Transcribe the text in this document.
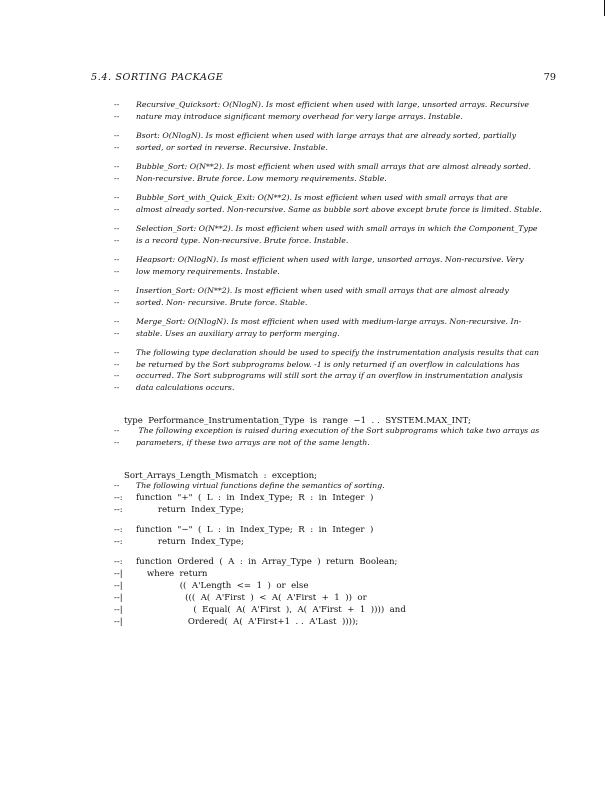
5.4. SORTING PACKAGE	79
-- Recursive_Quicksort: O(NlogN). Is most efficient when used with large, unsorted arrays. Recursive
-- nature may introduce significant memory overhead for very large arrays. Instable.
-- Bsort: O(NlogN). Is most efficient when used with large arrays that are already sorted, partially
-- sorted, or sorted in reverse. Recursive. Instable.
-- Bubble_Sort: O(N**2). Is most efficient when used with small arrays that are almost already sorted.
-- Non-recursive. Brute force. Low memory requirements. Stable.
-- Bubble_Sort_with_Quick_Exit: O(N**2). Is most efficient when used with small arrays that are
-- almost already sorted. Non-recursive. Same as bubble sort above except brute force is limited. Stable.
-- Selection_Sort: O(N**2). Is most efficient when used with small arrays in which the Component_Type
-- is a record type. Non-recursive. Brute force. Instable.
-- Heapsort: O(NlogN). Is most efficient when used with large, unsorted arrays. Non-recursive. Very
-- low memory requirements. Instable.
-- Insertion_Sort: O(N**2). Is most efficient when used with small arrays that are almost already
-- sorted. Non- recursive. Brute force. Stable.
-- Merge_Sort: O(NlogN). Is most efficient when used with medium-large arrays. Non-recursive. In-
-- stable. Uses an auxiliary array to perform merging.
-- The following type declaration should be used to specify the instrumentation analysis results that can
-- be returned by the Sort subprograms below. -1 is only returned if an overflow in calculations has
-- occurred. The Sort subprograms will still sort the array if an overflow in instrumentation analysis
-- data calculations occurs.

type  Performance_Instrumentation_Type  is  range  −1  . .  SYSTEM.MAX_INT;

-- The following exception is raised during execution of the Sort subprograms which take two arrays as
-- parameters, if these two arrays are not of the same length.

Sort_Arrays_Length_Mismatch  :  exception;

-- The following virtual functions define the semantics of sorting.
--: function  "+"  (  L  :  in  Index_Type;  R  :  in  Integer  )
--: return  Index_Type;
--: function  "−"  (  L  :  in  Index_Type;  R  :  in  Integer  )
--: return  Index_Type;
--: function  Ordered  (  A  :  in  Array_Type  )  return  Boolean;
--| where  return
--| ((  A'Length  <=  1  )  or  else
--| (((  A(  A'First  )  <  A(  A'First  +  1  ))  or
--| (  Equal(  A(  A'First  ),  A(  A'First  +  1  ))))  and
--| Ordered(  A(  A'First+1  . .  A'Last  ))));
